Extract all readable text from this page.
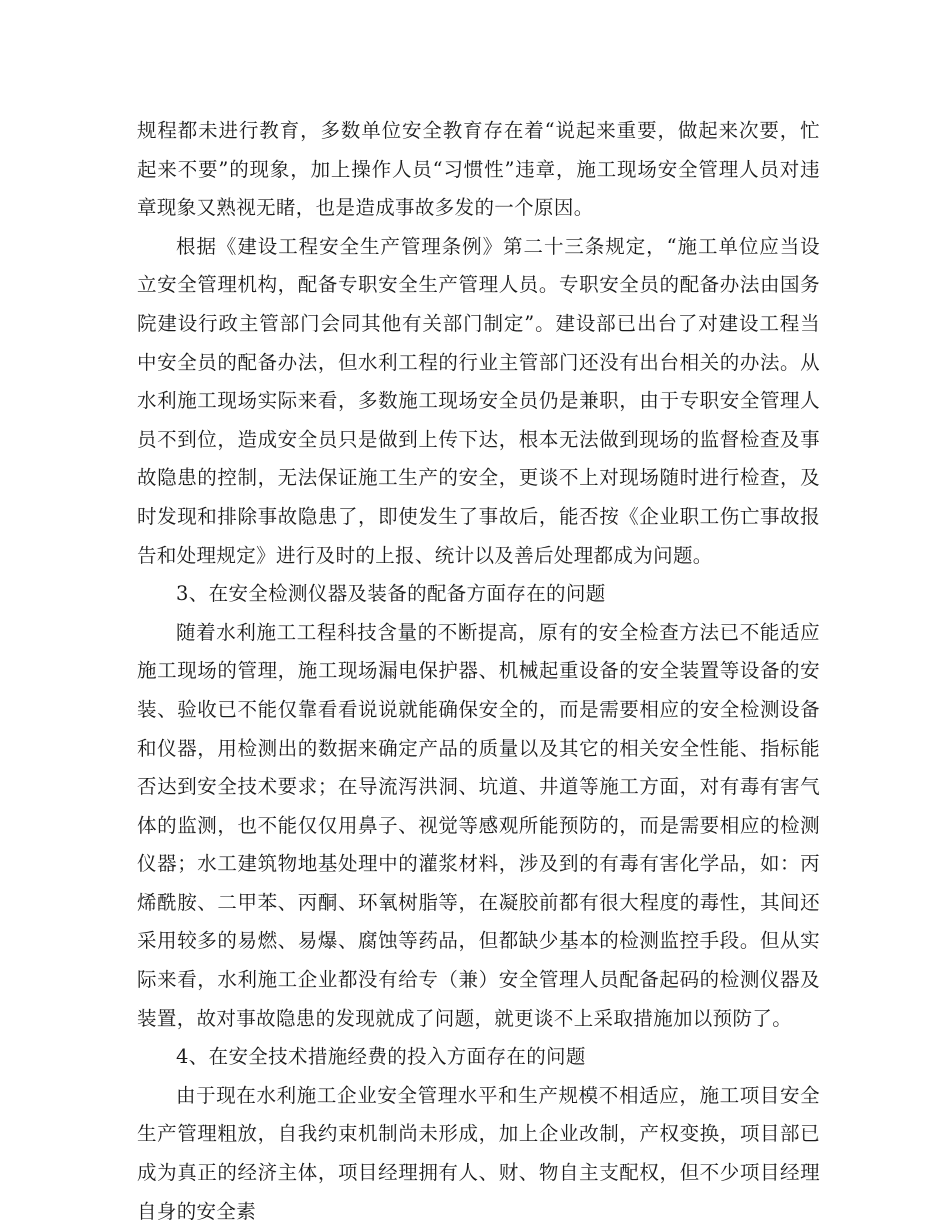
规程都未进行教育，多数单位安全教育存在着“说起来重要，做起来次要，忙起来不要”的现象，加上操作人员“习惯性”违章，施工现场安全管理人员对违章现象又熟视无睹，也是造成事故多发的一个原因。

根据《建设工程安全生产管理条例》第二十三条规定，“施工单位应当设立安全管理机构，配备专职安全生产管理人员。专职安全员的配备办法由国务院建设行政主管部门会同其他有关部门制定”。建设部已出台了对建设工程当中安全员的配备办法，但水利工程的行业主管部门还没有出台相关的办法。从水利施工现场实际来看，多数施工现场安全员仍是兼职，由于专职安全管理人员不到位，造成安全员只是做到上传下达，根本无法做到现场的监督检查及事故隐患的控制，无法保证施工生产的安全，更谈不上对现场随时进行检查，及时发现和排除事故隐患了，即使发生了事故后，能否按《企业职工伤亡事故报告和处理规定》进行及时的上报、统计以及善后处理都成为问题。

3、在安全检测仪器及装备的配备方面存在的问题

随着水利施工工程科技含量的不断提高，原有的安全检查方法已不能适应施工现场的管理，施工现场漏电保护器、机械起重设备的安全装置等设备的安装、验收已不能仅靠看看说说就能确保安全的，而是需要相应的安全检测设备和仪器，用检测出的数据来确定产品的质量以及其它的相关安全性能、指标能否达到安全技术要求；在导流泻洪洞、坑道、井道等施工方面，对有毒有害气体的监测，也不能仅仅用鼻子、视觉等感观所能预防的，而是需要相应的检测仪器；水工建筑物地基处理中的灌浆材料，涉及到的有毒有害化学品，如：丙烯酰胺、二甲苯、丙酮、环氧树脂等，在凝胶前都有很大程度的毒性，其间还采用较多的易燃、易爆、腐蚀等药品，但都缺少基本的检测监控手段。但从实际来看，水利施工企业都没有给专（兼）安全管理人员配备起码的检测仪器及装置，故对事故隐患的发现就成了问题，就更谈不上采取措施加以预防了。

4、在安全技术措施经费的投入方面存在的问题

由于现在水利施工企业安全管理水平和生产规模不相适应，施工项目安全生产管理粗放，自我约束机制尚未形成，加上企业改制，产权变换，项目部已成为真正的经济主体，项目经理拥有人、财、物自主支配权，但不少项目经理自身的安全素
